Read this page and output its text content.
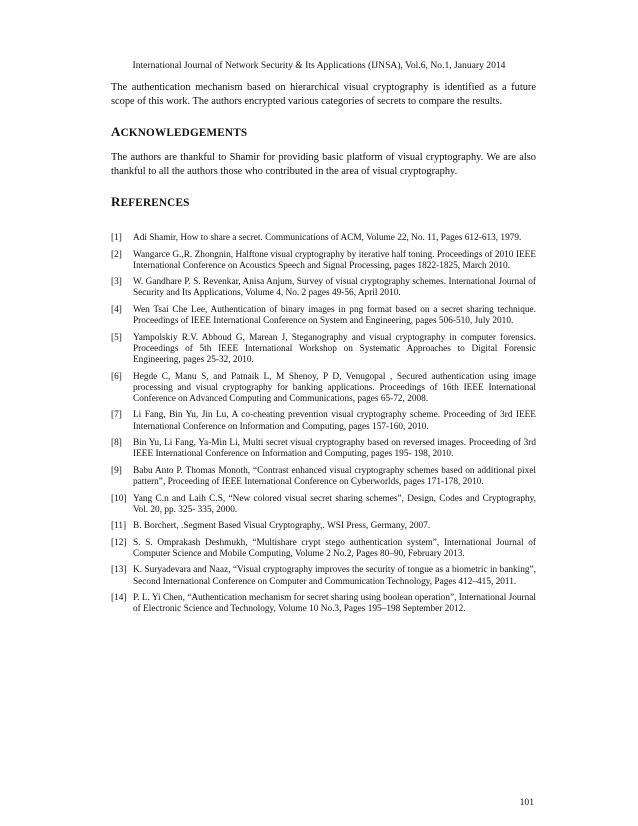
International Journal of Network Security & Its Applications (IJNSA), Vol.6, No.1, January 2014

The authentication mechanism based on hierarchical visual cryptography is identified as a future scope of this work. The authors encrypted various categories of secrets to compare the results.

ACKNOWLEDGEMENTS

The authors are thankful to Shamir for providing basic platform of visual cryptography. We are also thankful to all the authors those who contributed in the area of visual cryptography.

REFERENCES
[1]	Adi Shamir, How to share a secret. Communications of ACM, Volume 22, No. 11, Pages 612-613, 1979.
[2]	Wangarce G.,R. Zhongnin, Halftone visual cryptography by iterative half toning. Proceedings of 2010 IEEE International Conference on Acoustics Speech and Signal Processing, pages 1822-1825, March 2010.
[3]	W. Gandhare P. S. Revenkar, Anisa Anjum, Survey of visual cryptography schemes. International Journal of Security and Its Applications, Volume 4, No. 2 pages 49-56, April 2010.
[4]	Wen Tsai Che Lee, Authentication of binary images in png format based on a secret sharing technique. Proceedings of IEEE International Conference on System and Engineering, pages 506-510, July 2010.
[5]	Yampolskiy R.V. Abboud G, Marean J, Steganography and visual cryptography in computer forensics. Proceedings of 5th IEEE International Workshop on Systematic Approaches to Digital Forensic Engineering, pages 25-32, 2010.
[6]	Hegde C, Manu S, and Patnaik L, M Shenoy, P D, Venugopal , Secured authentication using image processing and visual cryptography for banking applications. Proceedings of 16th IEEE International Conference on Advanced Computing and Communications, pages 65-72, 2008.
[7]	Li Fang, Bin Yu, Jin Lu, A co-cheating prevention visual cryptography scheme. Proceeding of 3rd IEEE International Conference on Information and Computing, pages 157-160, 2010.
[8]	Bin Yu, Li Fang, Ya-Min Li, Multi secret visual cryptography based on reversed images. Proceeding of 3rd IEEE International Conference on Information and Computing, pages 195- 198, 2010.
[9]	Babu Anto P. Thomas Monoth, “Contrast enhanced visual cryptography schemes based on additional pixel pattern”, Proceeding of IEEE International Conference on Cyberworlds, pages 171-178, 2010.
[10] Yang C.n and Laih C.S, “New colored visual secret sharing schemes”, Design, Codes and Cryptography, Vol. 20, pp. 325- 335, 2000.
[11] B. Borchert, .Segment Based Visual Cryptography,. WSI Press, Germany, 2007.
[12] S. S. Omprakash Deshmukh, “Multishare crypt stego authentication system”, International Journal of Computer Science and Mobile Computing, Volume 2 No.2, Pages 80–90, February 2013.
[13] K. Suryadevara and Naaz, “Visual cryptography improves the security of tongue as a biometric in banking”, Second International Conference on Computer and Communication Technology, Pages 412–415, 2011.
[14] P. L. Yi Chen, “Authentication mechanism for secret sharing using boolean operation”, International Journal of Electronic Science and Technology, Volume 10 No.3, Pages 195–198 September 2012.
101
